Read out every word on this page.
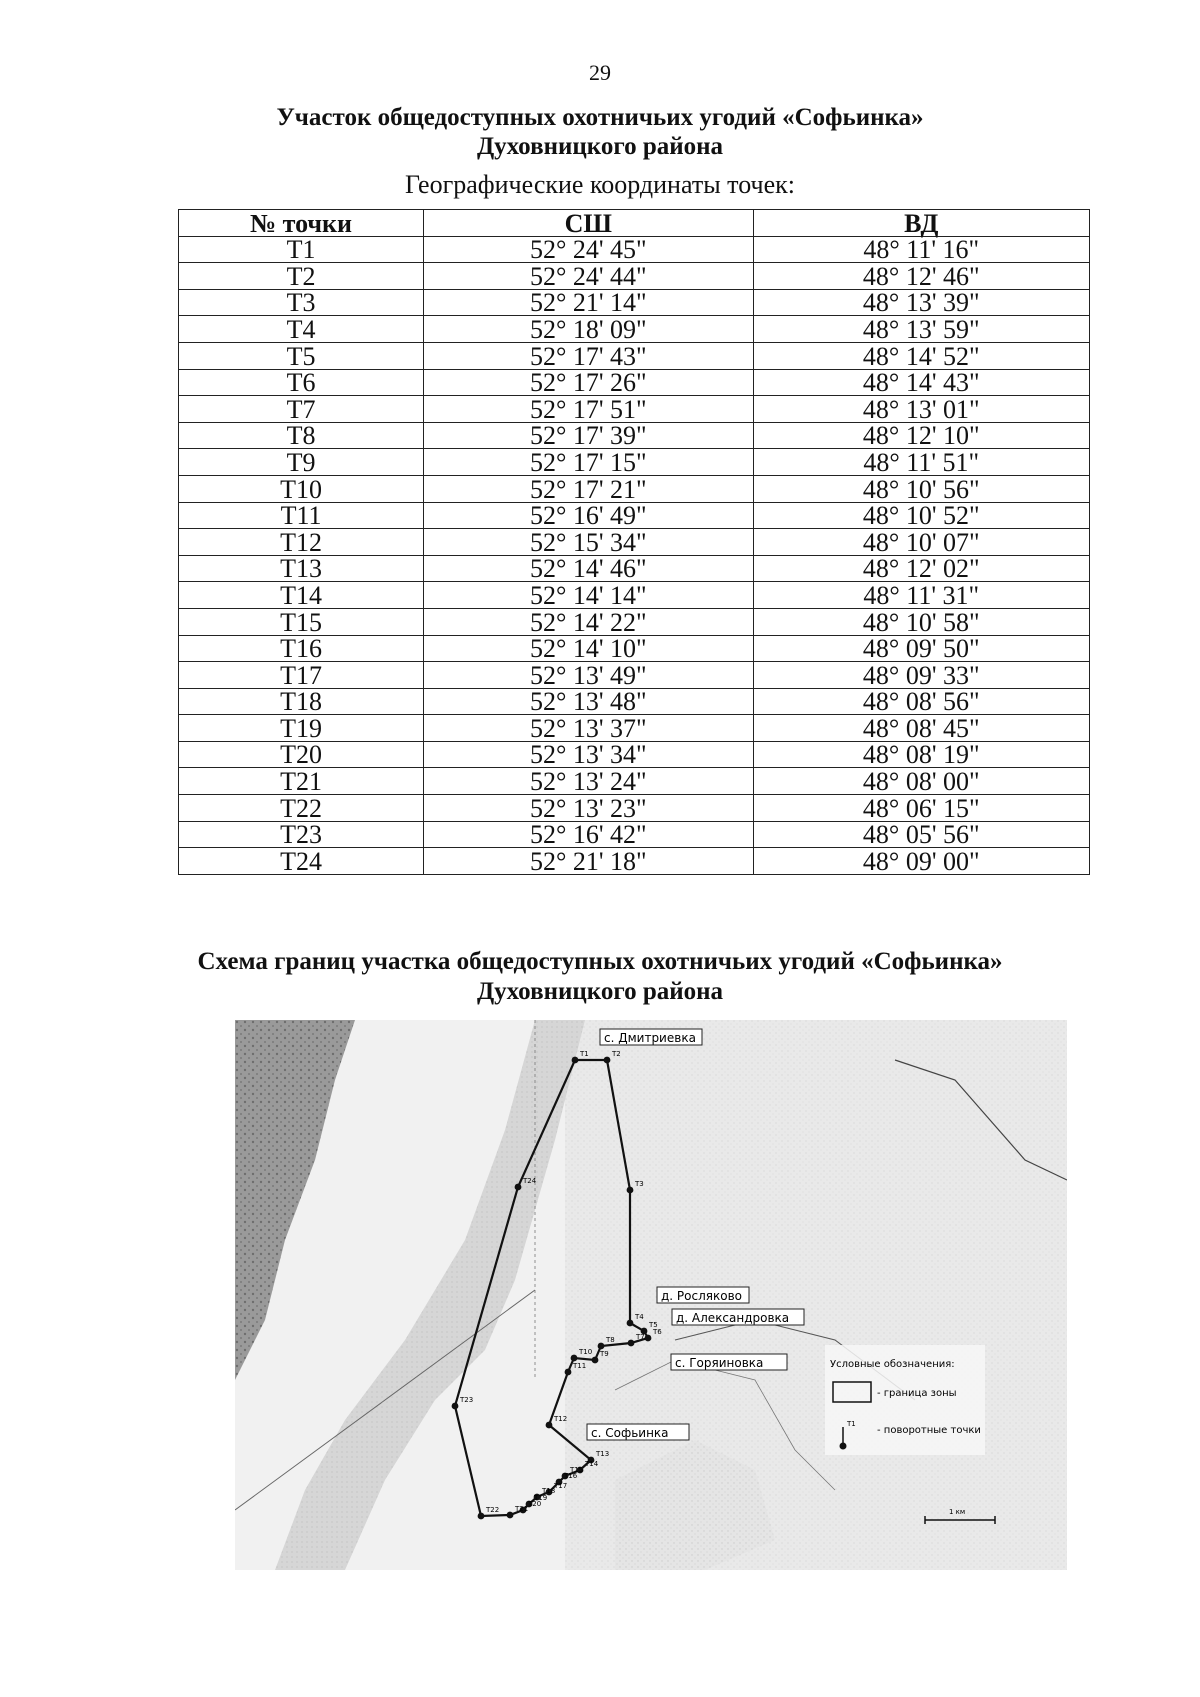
29
Участок общедоступных охотничьих угодий «Софьинка»
Духовницкого района
Географические координаты точек:
№ точки	СШ	ВД
T1	52° 24' 45"	48° 11' 16"
T2	52° 24' 44"	48° 12' 46"
T3	52° 21' 14"	48° 13' 39"
T4	52° 18' 09"	48° 13' 59"
T5	52° 17' 43"	48° 14' 52"
T6	52° 17' 26"	48° 14' 43"
T7	52° 17' 51"	48° 13' 01"
T8	52° 17' 39"	48° 12' 10"
T9	52° 17' 15"	48° 11' 51"
T10	52° 17' 21"	48° 10' 56"
T11	52° 16' 49"	48° 10' 52"
T12	52° 15' 34"	48° 10' 07"
T13	52° 14' 46"	48° 12' 02"
T14	52° 14' 14"	48° 11' 31"
T15	52° 14' 22"	48° 10' 58"
T16	52° 14' 10"	48° 09' 50"
T17	52° 13' 49"	48° 09' 33"
T18	52° 13' 48"	48° 08' 56"
T19	52° 13' 37"	48° 08' 45"
T20	52° 13' 34"	48° 08' 19"
T21	52° 13' 24"	48° 08' 00"
T22	52° 13' 23"	48° 06' 15"
T23	52° 16' 42"	48° 05' 56"
T24	52° 21' 18"	48° 09' 00"
Схема границ участка общедоступных охотничьих угодий «Софьинка»
Духовницкого района
T1	T2
T3
T4
T5
T6
T7
T8
T9
T10
T11
T12
T13
T14
T15
T16
T17
T18
T19
T20
T21
T22
T23
T24
с. Дмитриевка
д. Росляково
д. Александровка
с. Горяиновка
с. Софьинка
Условные обозначения:
- граница зоны
T1
- поворотные точки
1 км
